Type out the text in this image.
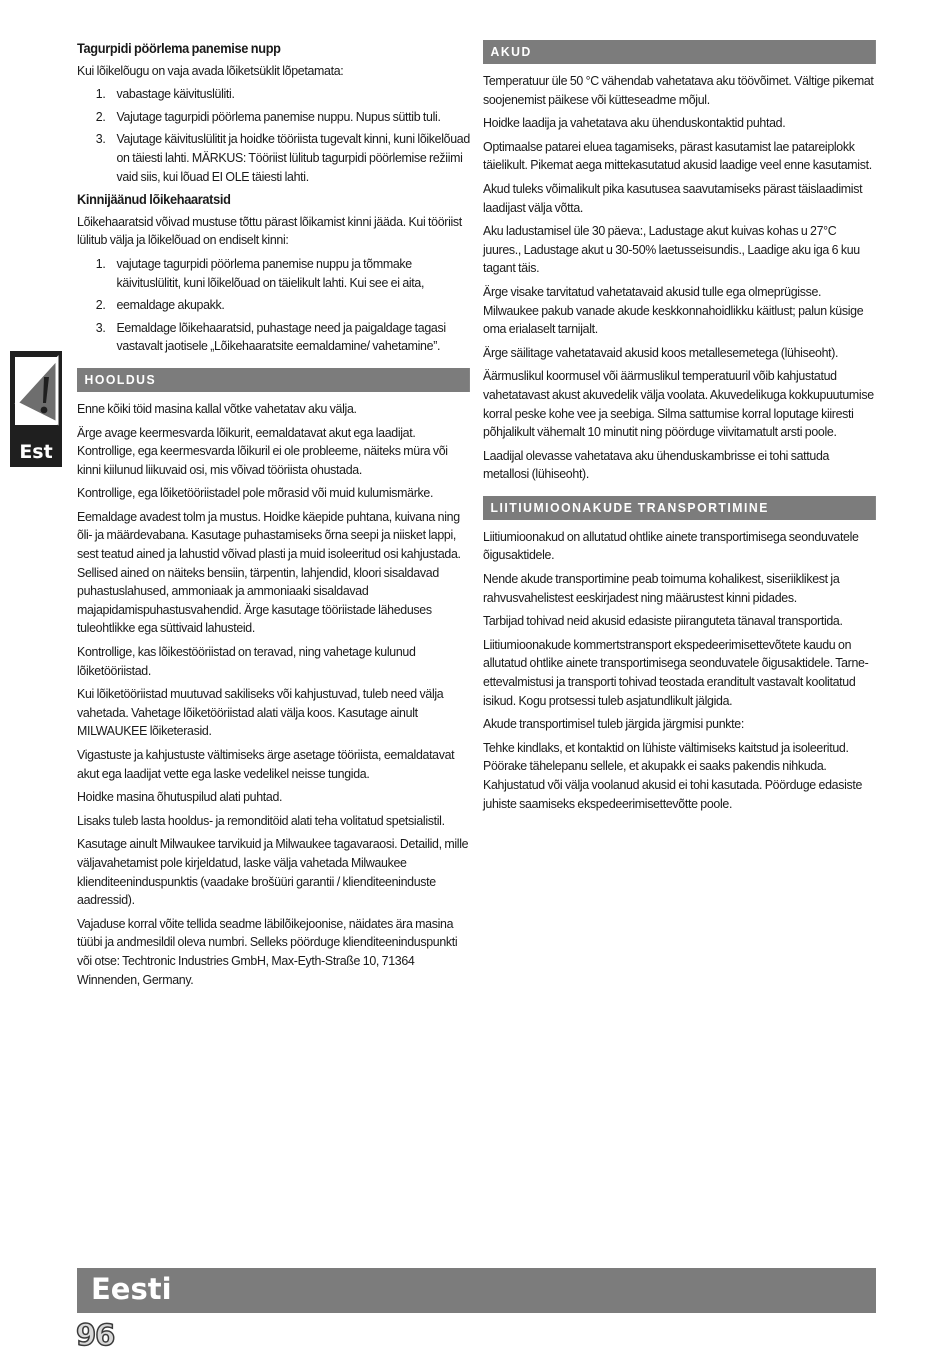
Tagurpidi pöörlema panemise nupp

Kui lõikelõugu on vaja avada lõiketsüklit lõpetamata:

1. vabastage käivituslüliti.
2. Vajutage tagurpidi pöörlema panemise nuppu. Nupus süttib tuli.
3. Vajutage käivituslülitit ja hoidke tööriista tugevalt kinni, kuni lõikelõuad on täiesti lahti. MÄRKUS: Tööriist lülitub tagurpidi pöörlemise režiimi vaid siis, kui lõuad EI OLE täiesti lahti.
Kinnijäänud lõikehaaratsid

Lõikehaaratsid võivad mustuse tõttu pärast lõikamist kinni jääda. Kui tööriist lülitub välja ja lõikelõuad on endiselt kinni:

1. vajutage tagurpidi pöörlema panemise nuppu ja tõmmake käivituslülitit, kuni lõikelõuad on täielikult lahti. Kui see ei aita,
2. eemaldage akupakk.
3. Eemaldage lõikehaaratsid, puhastage need ja paigaldage tagasi vastavalt jaotisele „Lõikehaaratsite eemaldamine/ vahetamine”.
HOOLDUS

Enne kõiki töid masina kallal võtke vahetatav aku välja.

Ärge avage keermesvarda lõikurit, eemaldatavat akut ega laadijat. Kontrollige, ega keermesvarda lõikuril ei ole probleeme, näiteks müra või kinni kiilunud liikuvaid osi, mis võivad tööriista ohustada.

Kontrollige, ega lõiketööriistadel pole mõrasid või muid kulumismärke.

Eemaldage avadest tolm ja mustus. Hoidke käepide puhtana, kuivana ning õli- ja määrdevabana. Kasutage puhastamiseks õrna seepi ja niisket lappi, sest teatud ained ja lahustid võivad plasti ja muid isoleeritud osi kahjustada. Sellised ained on näiteks bensiin, tärpentin, lahjendid, kloori sisaldavad puhastuslahused, ammoniaak ja ammoniaaki sisaldavad majapidamispuhastusvahendid. Ärge kasutage tööriistade läheduses tuleohtlikke ega süttivaid lahusteid.

Kontrollige, kas lõikestööriistad on teravad, ning vahetage kulunud lõiketööriistad.

Kui lõiketööriistad muutuvad sakiliseks või kahjustuvad, tuleb need välja vahetada. Vahetage lõiketööriistad alati välja koos. Kasutage ainult MILWAUKEE lõiketerasid.

Vigastuste ja kahjustuste vältimiseks ärge asetage tööriista, eemaldatavat akut ega laadijat vette ega laske vedelikel neisse tungida.

Hoidke masina õhutuspilud alati puhtad.

Lisaks tuleb lasta hooldus- ja remonditöid alati teha volitatud spetsialistil.

Kasutage ainult Milwaukee tarvikuid ja Milwaukee tagavaraosi. Detailid, mille väljavahetamist pole kirjeldatud, laske välja vahetada Milwaukee klienditeeninduspunktis (vaadake brošüüri garantii / klienditeeninduste aadressid).

Vajaduse korral võite tellida seadme läbilõikejoonise, näidates ära masina tüübi ja andmesildil oleva numbri. Selleks pöörduge klienditeeninduspunkti või otse: Techtronic Industries GmbH, Max-Eyth-Straße 10, 71364 Winnenden, Germany.

AKUD

Temperatuur üle 50 °C vähendab vahetatava aku töövõimet. Vältige pikemat soojenemist päikese või kütteseadme mõjul.

Hoidke laadija ja vahetatava aku ühenduskontaktid puhtad.

Optimaalse patarei eluea tagamiseks, pärast kasutamist lae patareiplokk täielikult. Pikemat aega mittekasutatud akusid laadige veel enne kasutamist.

Akud tuleks võimalikult pika kasutusea saavutamiseks pärast täislaadimist laadijast välja võtta.

Aku ladustamisel üle 30 päeva:, Ladustage akut kuivas kohas u 27°C juures., Ladustage akut u 30-50% laetusseisundis., Laadige aku iga 6 kuu tagant täis.

Ärge visake tarvitatud vahetatavaid akusid tulle ega olmeprügisse. Milwaukee pakub vanade akude keskkonnahoidlikku käitlust; palun küsige oma erialaselt tarnijalt.

Ärge säilitage vahetatavaid akusid koos metallesemetega (lühiseoht).

Äärmuslikul koormusel või äärmuslikul temperatuuril võib kahjustatud vahetatavast akust akuvedelik välja voolata. Akuvedelikuga kokkupuutumise korral peske kohe vee ja seebiga. Silma sattumise korral loputage kiiresti põhjalikult vähemalt 10 minutit ning pöörduge viivitamatult arsti poole.

Laadijal olevasse vahetatava aku ühenduskambrisse ei tohi sattuda metallosi (lühiseoht).

LIITIUMIOONAKUDE TRANSPORTIMINE

Liitiumioonakud on allutatud ohtlike ainete transportimisega seonduvatele õigusaktidele.

Nende akude transportimine peab toimuma kohalikest, siseriiklikest ja rahvusvahelistest eeskirjadest ning määrustest kinni pidades.

Tarbijad tohivad neid akusid edasiste piiranguteta tänaval transportida.

Liitiumioonakude kommertstransport ekspedeerimisettevõtete kaudu on allutatud ohtlike ainete transportimisega seonduvatele õigusaktidele. Tarne-ettevalmistusi ja transporti tohivad teostada eranditult vastavalt koolitatud isikud. Kogu protsessi tuleb asjatundlikult jälgida.

Akude transportimisel tuleb järgida järgmisi punkte:

Tehke kindlaks, et kontaktid on lühiste vältimiseks kaitstud ja isoleeritud. Pöörake tähelepanu sellele, et akupakk ei saaks pakendis nihkuda. Kahjustatud või välja voolanud akusid ei tohi kasutada. Pöörduge edasiste juhiste saamiseks ekspedeerimisettevõtte poole.

Est
Eesti
96
